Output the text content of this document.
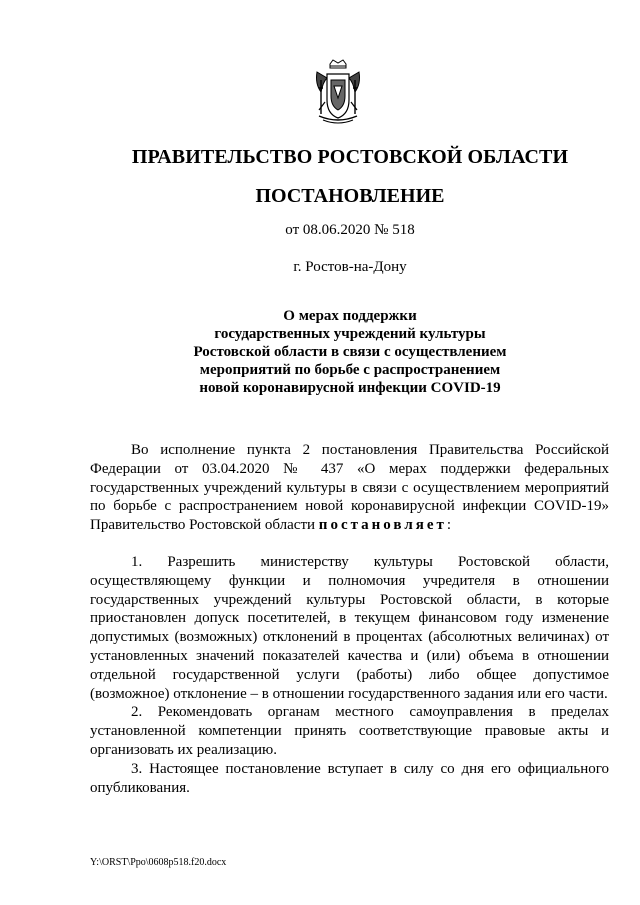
ПРАВИТЕЛЬСТВО РОСТОВСКОЙ ОБЛАСТИ
ПОСТАНОВЛЕНИЕ
от 08.06.2020 № 518
г. Ростов-на-Дону
О мерах поддержки
государственных учреждений культуры
Ростовской области в связи с осуществлением
мероприятий по борьбе с распространением
новой коронавирусной инфекции COVID-19

Во исполнение пункта 2 постановления Правительства Российской Федерации от 03.04.2020 № 437 «О мерах поддержки федеральных государственных учреждений культуры в связи с осуществлением мероприятий по борьбе с распространением новой коронавирусной инфекции COVID-19» Правительство Ростовской области постановляет:

1. Разрешить министерству культуры Ростовской области, осуществляющему функции и полномочия учредителя в отношении государственных учреждений культуры Ростовской области, в которые приостановлен допуск посетителей, в текущем финансовом году изменение допустимых (возможных) отклонений в процентах (абсолютных величинах) от установленных значений показателей качества и (или) объема в отношении отдельной государственной услуги (работы) либо общее допустимое (возможное) отклонение – в отношении государственного задания или его части.

2. Рекомендовать органам местного самоуправления в пределах установленной компетенции принять соответствующие правовые акты и организовать их реализацию.

3. Настоящее постановление вступает в силу со дня его официального опубликования.

Y:\ORST\Ppo\0608p518.f20.docx
